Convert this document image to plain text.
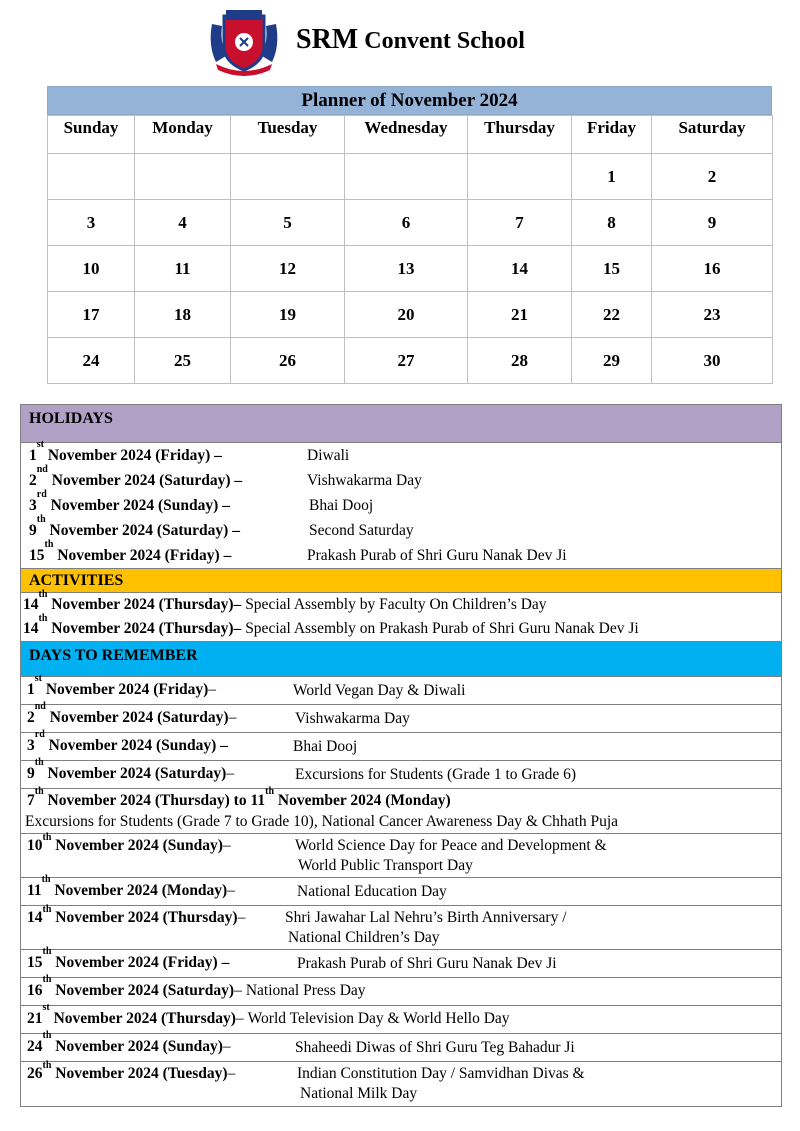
SRM Convent School
Planner of November 2024
Sunday	Monday	Tuesday	Wednesday	Thursday	Friday	Saturday
					1	2
3	4	5	6	7	8	9
10	11	12	13	14	15	16
17	18	19	20	21	22	23
24	25	26	27	28	29	30
HOLIDAYS
1st November 2024 (Friday) –	Diwali
2nd November 2024 (Saturday) –	Vishwakarma Day
3rd November 2024 (Sunday) –	Bhai Dooj
9th November 2024 (Saturday) –	Second Saturday
15th November 2024 (Friday) –	Prakash Purab of Shri Guru Nanak Dev Ji
ACTIVITIES
14th November 2024 (Thursday)– Special Assembly by Faculty On Children’s Day
14th November 2024 (Thursday)– Special Assembly on Prakash Purab of Shri Guru Nanak Dev Ji
DAYS TO REMEMBER
1st November 2024 (Friday) –	World Vegan Day & Diwali
2nd November 2024 (Saturday) –	Vishwakarma Day
3rd November 2024 (Sunday) –	Bhai Dooj
9th November 2024 (Saturday) –	Excursions for Students (Grade 1 to Grade 6)
7th November 2024 (Thursday) to 11th November 2024 (Monday)
Excursions for Students (Grade 7 to Grade 10), National Cancer Awareness Day & Chhath Puja
10th November 2024 (Sunday) –	World Science Day for Peace and Development &
World Public Transport Day
11th November 2024 (Monday) –	National Education Day
14th November 2024 (Thursday) –	Shri Jawahar Lal Nehru’s Birth Anniversary /
National Children’s Day
15th November 2024 (Friday) –	Prakash Purab of Shri Guru Nanak Dev Ji
16th November 2024 (Saturday) – National Press Day
21st November 2024 (Thursday) – World Television Day & World Hello Day
24th November 2024 (Sunday) –	Shaheedi Diwas of Shri Guru Teg Bahadur Ji
26th November 2024 (Tuesday) –	Indian Constitution Day / Samvidhan Divas &
National Milk Day
